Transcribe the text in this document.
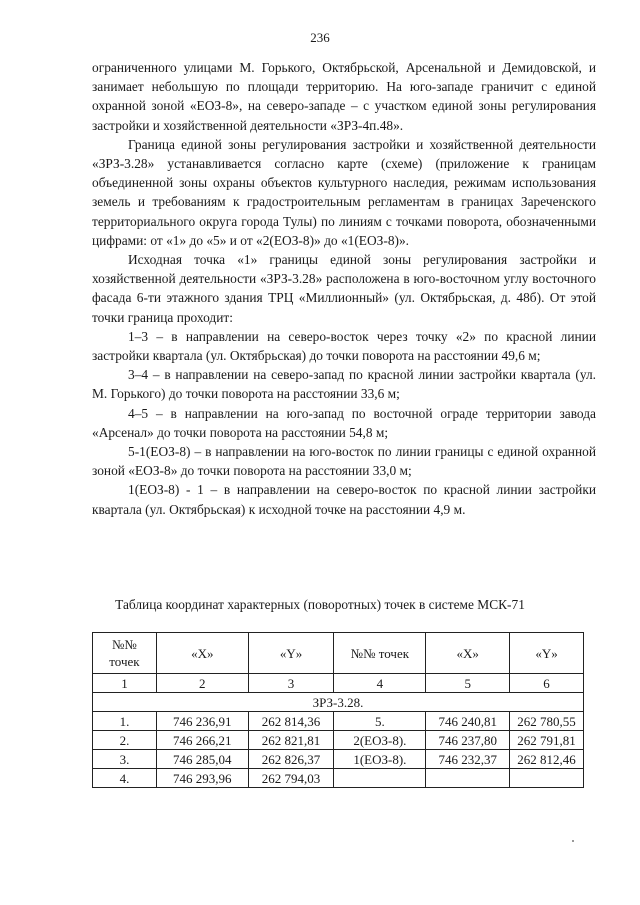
236

ограниченного улицами М. Горького, Октябрьской, Арсенальной и Демидовской, и занимает небольшую по площади территорию. На юго-западе граничит с единой охранной зоной «ЕОЗ-8», на северо-западе – с участком единой зоны регулирования застройки и хозяйственной деятельности «ЗРЗ-4п.48».

Граница единой зоны регулирования застройки и хозяйственной деятельности «ЗРЗ-3.28» устанавливается согласно карте (схеме) (приложение к границам объединенной зоны охраны объектов культурного наследия, режимам использования земель и требованиям к градостроительным регламентам в границах Зареченского территориального округа города Тулы) по линиям с точками поворота, обозначенными цифрами: от «1» до «5» и от «2(ЕОЗ-8)» до «1(ЕОЗ-8)».

Исходная точка «1» границы единой зоны регулирования застройки и хозяйственной деятельности «ЗРЗ-3.28» расположена в юго-восточном углу восточного фасада 6-ти этажного здания ТРЦ «Миллионный» (ул. Октябрьская, д. 48б). От этой точки граница проходит:

1–3 – в направлении на северо-восток через точку «2» по красной линии застройки квартала (ул. Октябрьская) до точки поворота на расстоянии 49,6 м;

3–4 – в направлении на северо-запад по красной линии застройки квартала (ул. М. Горького) до точки поворота на расстоянии 33,6 м;

4–5 – в направлении на юго-запад по восточной ограде территории завода «Арсенал» до точки поворота на расстоянии 54,8 м;

5-1(ЕОЗ-8) – в направлении на юго-восток по линии границы с единой охранной зоной «ЕОЗ-8» до точки поворота на расстоянии 33,0 м;

1(ЕОЗ-8) - 1 – в направлении на северо-восток по красной линии застройки квартала (ул. Октябрьская) к исходной точке на расстоянии 4,9 м.

Таблица координат характерных (поворотных) точек в системе МСК-71
№№ точек	«X»	«Y»	№№ точек	«X»	«Y»
1	2	3	4	5	6
ЗРЗ-3.28.					
1.	746 236,91	262 814,36	5.	746 240,81	262 780,55
2.	746 266,21	262 821,81	2(ЕОЗ-8).	746 237,80	262 791,81
3.	746 285,04	262 826,37	1(ЕОЗ-8).	746 232,37	262 812,46
4.	746 293,96	262 794,03			
